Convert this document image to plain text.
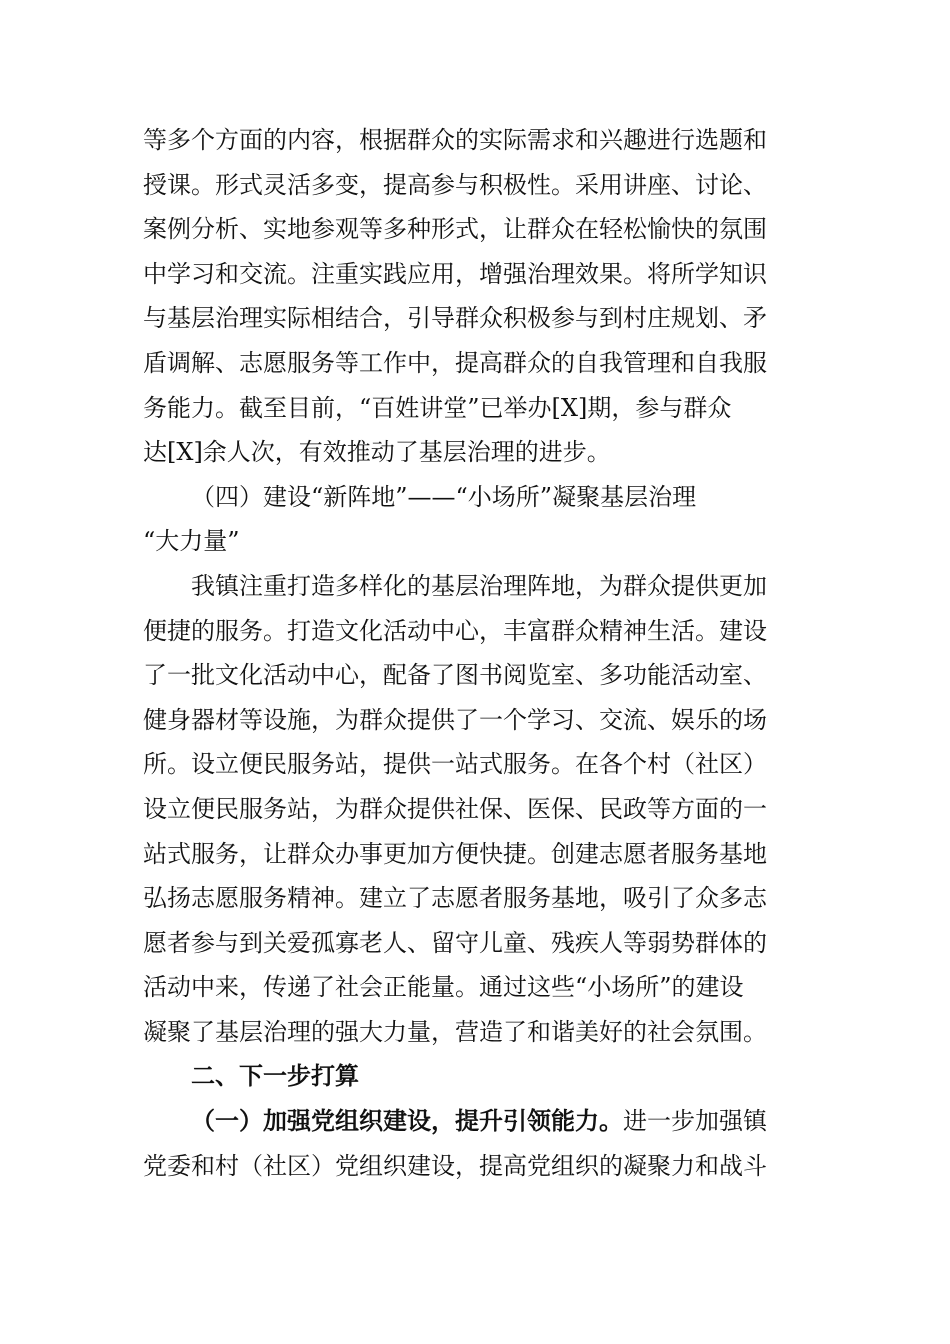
等多个方面的内容，根据群众的实际需求和兴趣进行选题和
授课。形式灵活多变，提高参与积极性。采用讲座、讨论、
案例分析、实地参观等多种形式，让群众在轻松愉快的氛围
中学习和交流。注重实践应用，增强治理效果。将所学知识
与基层治理实际相结合，引导群众积极参与到村庄规划、矛
盾调解、志愿服务等工作中，提高群众的自我管理和自我服
务能力。截至目前，“百姓讲堂”已举办[X]期，参与群众
达[X]余人次，有效推动了基层治理的进步。
（四）建设“新阵地”——“小场所”凝聚基层治理
“大力量”
我镇注重打造多样化的基层治理阵地，为群众提供更加
便捷的服务。打造文化活动中心，丰富群众精神生活。建设
了一批文化活动中心，配备了图书阅览室、多功能活动室、
健身器材等设施，为群众提供了一个学习、交流、娱乐的场
所。设立便民服务站，提供一站式服务。在各个村（社区）
设立便民服务站，为群众提供社保、医保、民政等方面的一
站式服务，让群众办事更加方便快捷。创建志愿者服务基地
弘扬志愿服务精神。建立了志愿者服务基地，吸引了众多志
愿者参与到关爱孤寡老人、留守儿童、残疾人等弱势群体的
活动中来，传递了社会正能量。通过这些“小场所”的建设
凝聚了基层治理的强大力量，营造了和谐美好的社会氛围。
二、下一步打算
（一）加强党组织建设，提升引领能力。进一步加强镇
党委和村（社区）党组织建设，提高党组织的凝聚力和战斗
